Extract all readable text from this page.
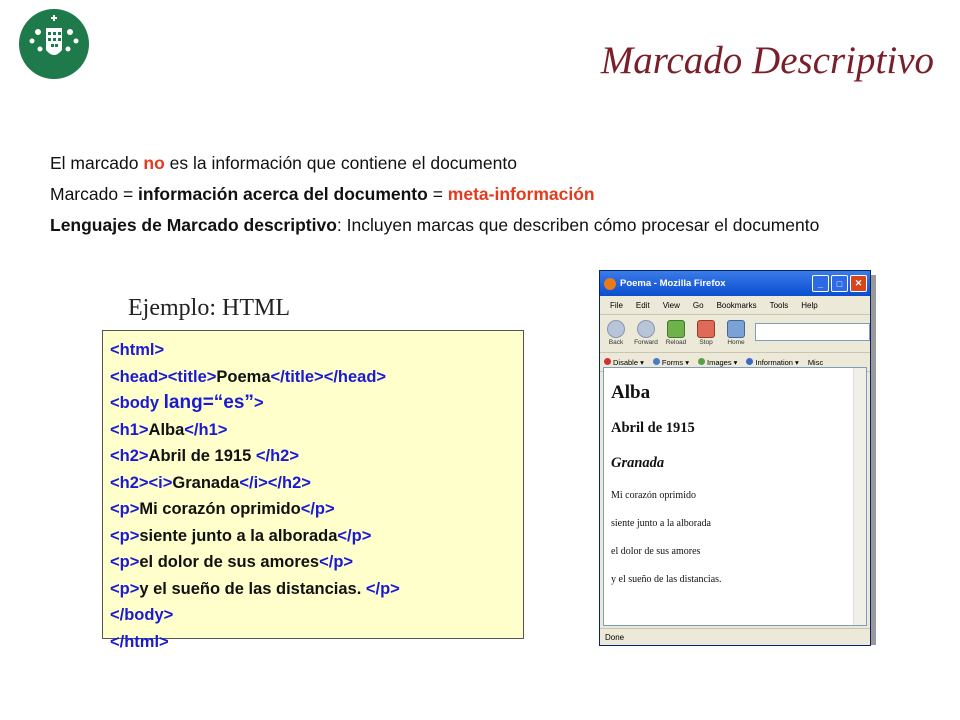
Marcado Descriptivo

El marcado no es la información que contiene el documento

Marcado = información acerca del documento = meta-información

Lenguajes de Marcado descriptivo: Incluyen marcas que describen cómo procesar el documento

Ejemplo: HTML
<html>
<head><title>Poema</title></head>
<body lang=“es”>
<h1>Alba</h1>
<h2>Abril de 1915 </h2>
<h2><i>Granada</i></h2>
<p>Mi corazón oprimido</p>
<p>siente junto a la alborada</p>
<p>el dolor de sus amores</p>
<p>y el sueño de las distancias. </p>
</body>
</html>
Poema - Mozilla Firefox	_	□	✕
File Edit View Go Bookmarks Tools Help
Back Forward Reload Stop Home
Disable ▾	Forms ▾	Images ▾	Information ▾ Misc
Alba
Abril de 1915
Granada
Mi corazón oprimido
siente junto a la alborada
el dolor de sus amores
y el sueño de las distancias.
Done
